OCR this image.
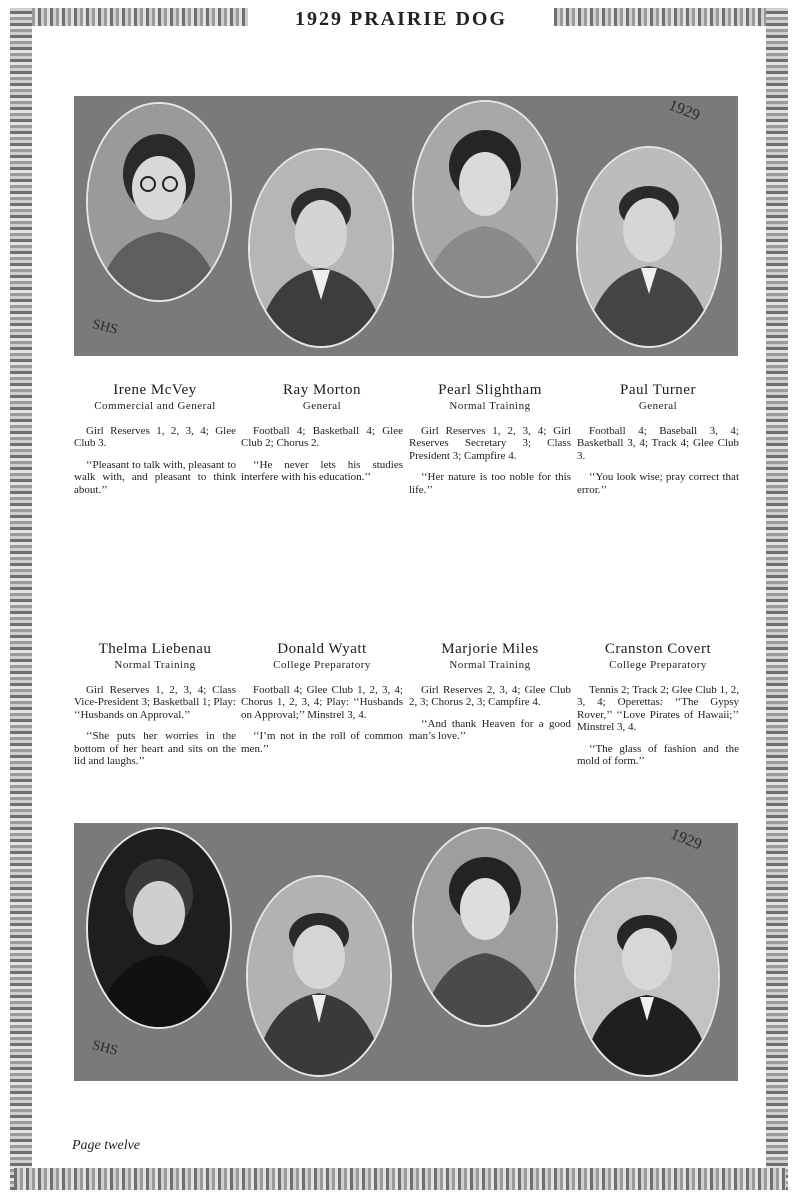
1929 PRAIRIE DOG
1929
SHS
Irene McVey
Commercial and General
Girl Reserves 1, 2, 3, 4; Glee Club 3.
‘‘Pleasant to talk with, pleasant to walk with, and pleasant to think about.’’
Ray Morton
General
Football 4; Basketball 4; Glee Club 2; Chorus 2.
‘‘He never lets his studies interfere with his education.’’
Pearl Slightham
Normal Training
Girl Reserves 1, 2, 3, 4; Girl Reserves Secretary 3; Class President 3; Campfire 4.
‘‘Her nature is too noble for this life.’’
Paul Turner
General
Football 4; Baseball 3, 4; Basketball 3, 4; Track 4; Glee Club 3.
‘‘You look wise; pray correct that error.’’
Thelma Liebenau
Normal Training
Girl Reserves 1, 2, 3, 4; Class Vice-President 3; Basketball 1; Play: ‘‘Husbands on Approval.’’
‘‘She puts her worries in the bottom of her heart and sits on the lid and laughs.’’
Donald Wyatt
College Preparatory
Football 4; Glee Club 1, 2, 3, 4; Chorus 1, 2, 3, 4; Play: ‘‘Husbands on Approval;’’ Minstrel 3, 4.
‘‘I’m not in the roll of common men.’’
Marjorie Miles
Normal Training
Girl Reserves 2, 3, 4; Glee Club 2, 3; Chorus 2, 3; Campfire 4.
‘‘And thank Heaven for a good man’s love.’’
Cranston Covert
College Preparatory
Tennis 2; Track 2; Glee Club 1, 2, 3, 4; Operettas: ‘‘The Gypsy Rover,’’ ‘‘Love Pirates of Hawaii;’’ Minstrel 3, 4.
‘‘The glass of fashion and the mold of form.’’
1929
SHS
Page twelve
